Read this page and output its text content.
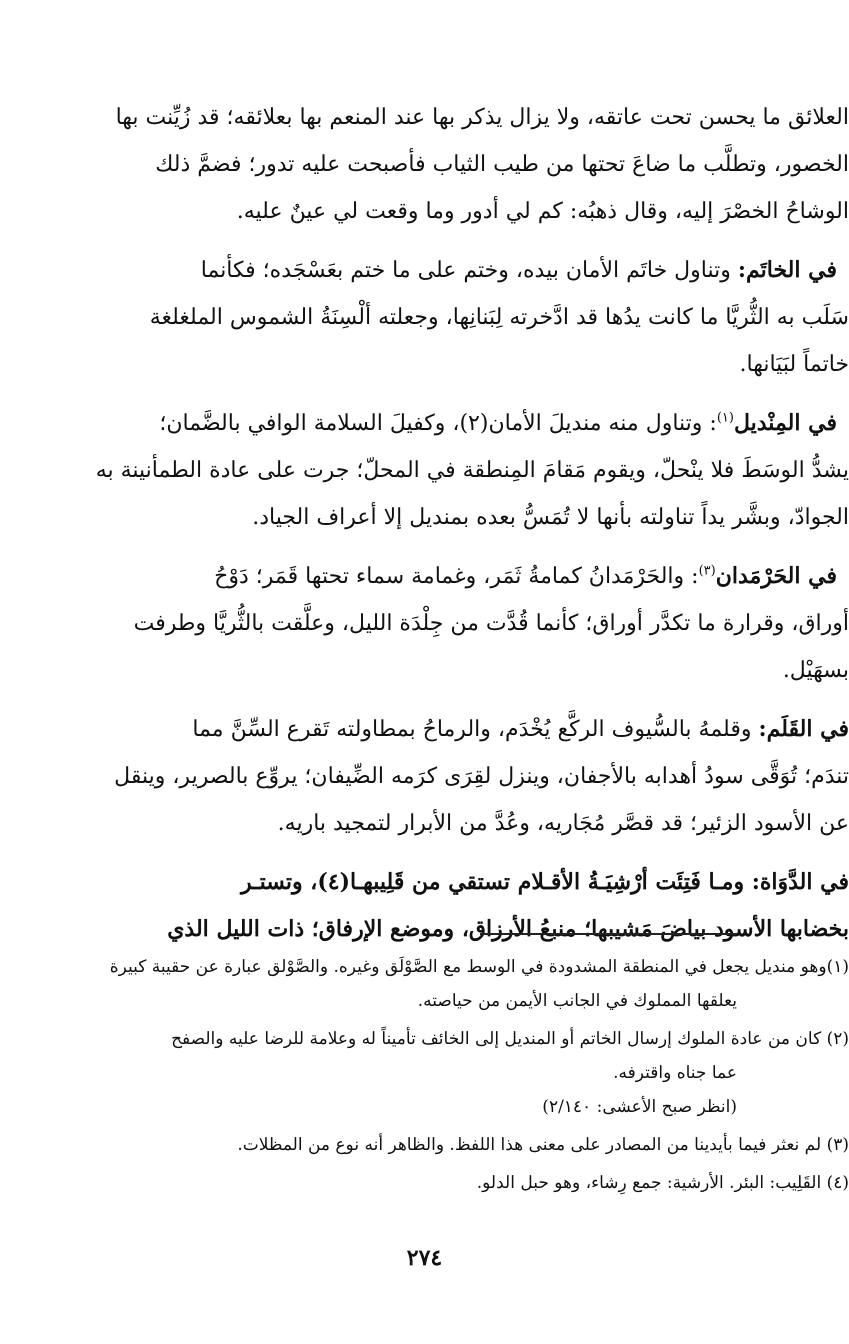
العلائق ما يحسن تحت عاتقه، ولا يزال يذكر بها عند المنعم بها بعلائقه؛ قد زُيِّنت بها
الخصور، وتطلَّب ما ضاعَ تحتها من طيب الثياب فأصبحت عليه تدور؛ فضمَّ ذلك
الوشاحُ الخصْرَ إليه، وقال ذهبُه: كم لي أدور وما وقعت لي عينٌ عليه.
في الخاتَم: وتناول خاتَم الأمان بيده، وختم على ما ختم بعَسْجَده؛ فكأنما
سَلَب به الثُّريَّا ما كانت يدُها قد ادَّخرته لِبَنانِها، وجعلته ألْسِنَةُ الشموس الملغلغة
خاتماً لبَيَانها.
في المِنْديل$^{(١)}$: وتناول منه منديلَ الأمان(٢)، وكفيلَ السلامة الوافي بالضَّمان؛
يشدُّ الوسَطَ فلا ينْحلّ، ويقوم مَقامَ المِنطقة في المحلّ؛ جرت على عادة الطمأنينة به
الجوادّ، وبشَّر يداً تناولته بأنها لا تُمَسُّ بعده بمنديل إلا أعراف الجياد.
في الحَرْمَدان$^{(٣)}$: والحَرْمَدانُ كمامةُ ثَمَر، وغمامة سماء تحتها قَمَر؛ دَوْحُ
أوراق، وقرارة ما تكدَّر أوراق؛ كأنما قُدَّت من جِلْدَة الليل، وعلَّقت بالثُّريَّا وطرفت
بسهَيْل.
في القَلَم: وقلمهُ بالسُّيوف الركَّع يُخْدَم، والرماحُ بمطاولته تَقرع السِّنَّ مما
تندَم؛ تُوَقَّى سودُ أهدابه بالأجفان، وينزل لقِرَى كرَمه الضِّيفان؛ يروِّع بالصرير، وينقل
عن الأسود الزئير؛ قد قصَّر مُجَاريه، وعُدَّ من الأبرار لتمجيد باريه.
في الدَّوَاة: ومـا فَتِئَت أرْشِيَـةُ الأقـلام تستقي من قَلِيبهـا(٤)، وتستـر
بخضابها الأسود بياضَ مَشيبها؛ منبعُ الأرزاق، وموضع الإرفاق؛ ذات الليل الذي
(١)وهو منديل يجعل في المنطقة المشدودة في الوسط مع الصَّوْلَق وغيره. والصَّوْلق عبارة عن حقيبة كبيرة
يعلقها المملوك في الجانب الأيمن من حياصته.
(٢) كان من عادة الملوك إرسال الخاتم أو المنديل إلى الخائف تأميناً له وعلامة للرضا عليه والصفح
عما جناه واقترفه.
(انظر صبح الأعشى: ٢/١٤٠)
(٣) لم نعثر فيما بأيدينا من المصادر على معنى هذا اللفظ. والظاهر أنه نوع من المظلات.
(٤) القَلِيب: البئر. الأرشية: جمع رِشاء، وهو حبل الدلو.
٢٧٤
